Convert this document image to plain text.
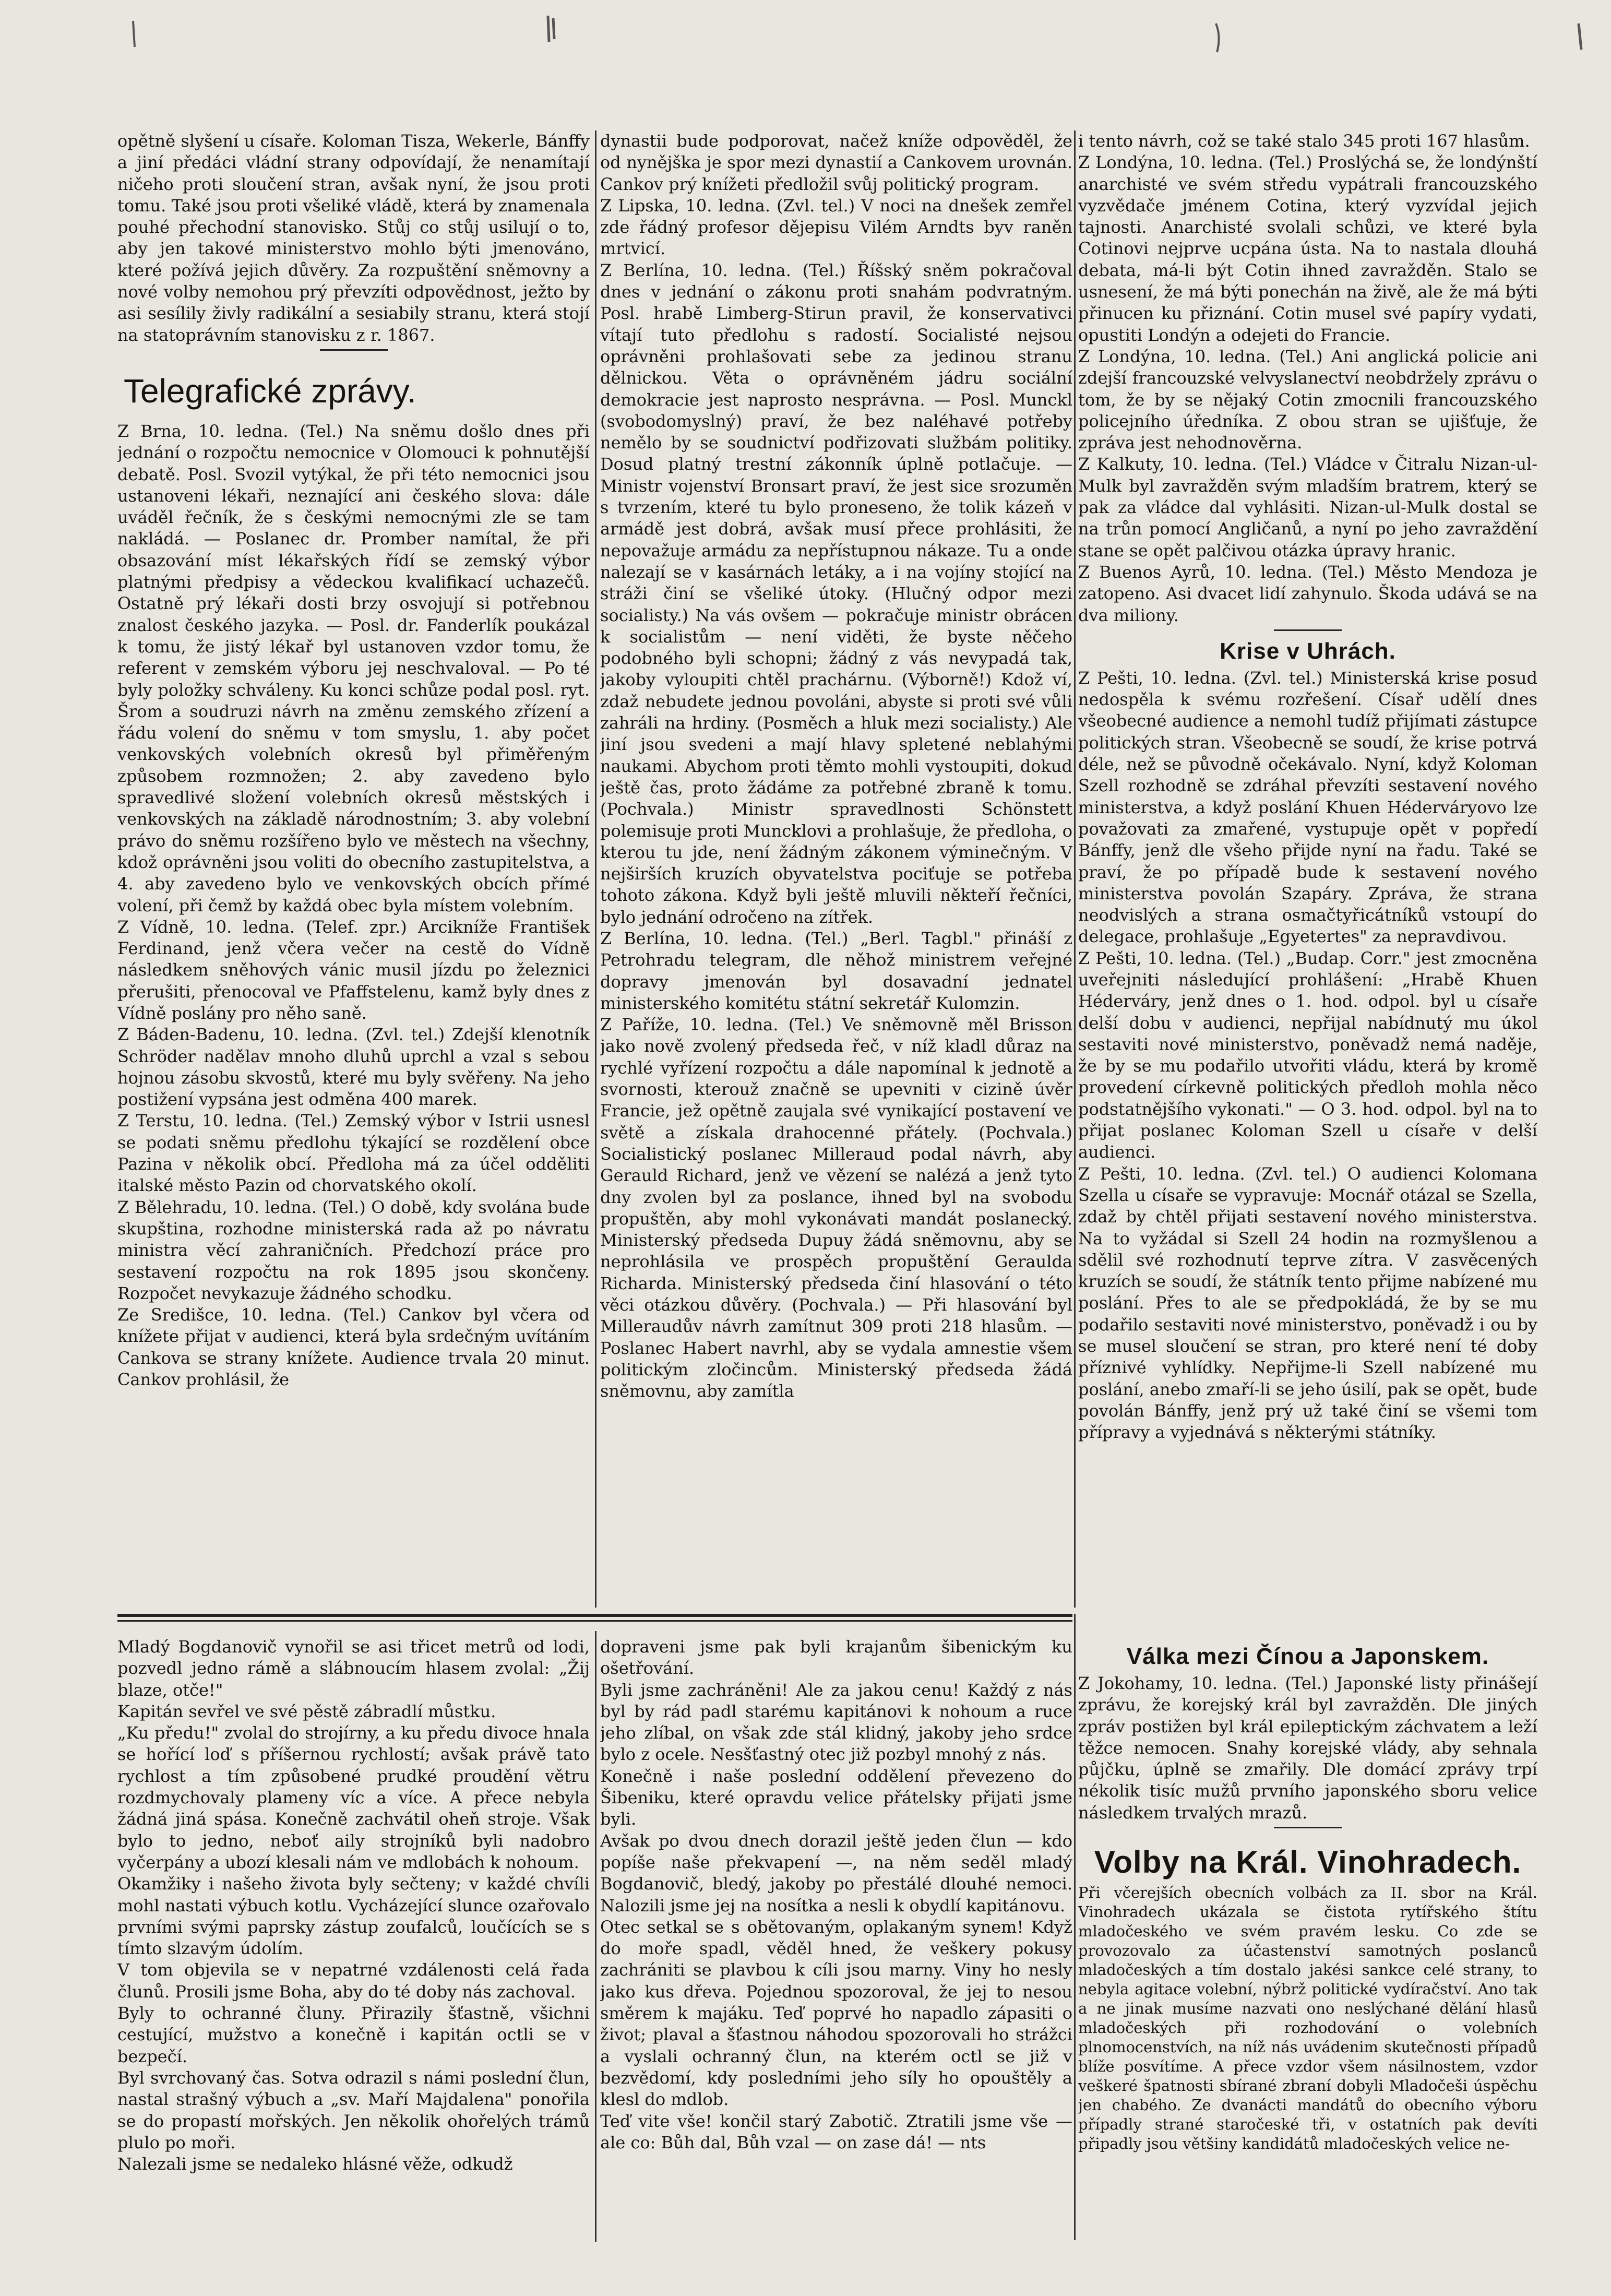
opětně slyšení u císaře. Koloman Tisza, Wekerle, Bánffy a jiní předáci vládní strany odpovídají, že nenamítají ničeho proti sloučení stran, avšak nyní, že jsou proti tomu. Také jsou proti všeliké vládě, která by znamenala pouhé přechodní stanovisko. Stůj co stůj usilují o to, aby jen takové ministerstvo mohlo býti jmenováno, které požívá jejich důvěry. Za rozpuštění sněmovny a nové volby nemohou prý převzíti odpovědnost, ježto by asi sesílily živly radikální a sesiabily stranu, která stojí na statoprávním stanovisku z r. 1867.

Telegrafické zprávy.

Z Brna, 10. ledna. (Tel.) Na sněmu došlo dnes při jednání o rozpočtu nemocnice v Olomouci k pohnutější debatě. Posl. Svozil vytýkal, že při této nemocnici jsou ustanoveni lékaři, neznající ani českého slova: dále uváděl řečník, že s českými nemocnými zle se tam nakládá. — Poslanec dr. Promber namítal, že při obsazování míst lékařských řídí se zemský výbor platnými předpisy a vědeckou kvalifikací uchazečů. Ostatně prý lékaři dosti brzy osvojují si potřebnou znalost českého jazyka. — Posl. dr. Fanderlík poukázal k tomu, že jistý lékař byl ustanoven vzdor tomu, že referent v zemském výboru jej neschvaloval. — Po té byly položky schváleny. Ku konci schůze podal posl. ryt. Šrom a soudruzi návrh na změnu zemského zřízení a řádu volení do sněmu v tom smyslu, 1. aby počet venkovských volebních okresů byl přiměřeným způsobem rozmnožen; 2. aby zavedeno bylo spravedlivé složení volebních okresů městských i venkovských na základě národnostním; 3. aby volební právo do sněmu rozšířeno bylo ve městech na všechny, kdož oprávněni jsou voliti do obecního zastupitelstva, a 4. aby zavedeno bylo ve venkovských obcích přímé volení, při čemž by každá obec byla místem volebním.

Z Vídně, 10. ledna. (Telef. zpr.) Arcikníže František Ferdinand, jenž včera večer na cestě do Vídně následkem sněhových vánic musil jízdu po železnici přerušiti, přenocoval ve Pfaffstelenu, kamž byly dnes z Vídně poslány pro něho saně.

Z Báden-Badenu, 10. ledna. (Zvl. tel.) Zdejší klenotník Schröder nadělav mnoho dluhů uprchl a vzal s sebou hojnou zásobu skvostů, které mu byly svěřeny. Na jeho postižení vypsána jest odměna 400 marek.

Z Terstu, 10. ledna. (Tel.) Zemský výbor v Istrii usnesl se podati sněmu předlohu týkající se rozdělení obce Pazina v několik obcí. Předloha má za účel odděliti italské město Pazin od chorvatského okolí.

Z Bělehradu, 10. ledna. (Tel.) O době, kdy svolána bude skupština, rozhodne ministerská rada až po návratu ministra věcí zahraničních. Předchozí práce pro sestavení rozpočtu na rok 1895 jsou skončeny. Rozpočet nevykazuje žádného schodku.

Ze Središce, 10. ledna. (Tel.) Cankov byl včera od knížete přijat v audienci, která byla srdečným uvítáním Cankova se strany knížete. Audience trvala 20 minut. Cankov prohlásil, že

dynastii bude podporovat, načež kníže odpověděl, že od nynějška je spor mezi dynastií a Cankovem urovnán. Cankov prý knížeti předložil svůj politický program.

Z Lipska, 10. ledna. (Zvl. tel.) V noci na dnešek zemřel zde řádný profesor dějepisu Vilém Arndts byv raněn mrtvicí.

Z Berlína, 10. ledna. (Tel.) Říšský sněm pokračoval dnes v jednání o zákonu proti snahám podvratným. Posl. hrabě Limberg-Stirun pravil, že konservativci vítají tuto předlohu s radostí. Socialisté nejsou oprávněni prohlašovati sebe za jedinou stranu dělnickou. Věta o oprávněném jádru sociální demokracie jest naprosto nesprávna. — Posl. Munckl (svobodomyslný) praví, že bez naléhavé potřeby nemělo by se soudnictví podřizovati službám politiky. Dosud platný trestní zákonník úplně potlačuje. — Ministr vojenství Bronsart praví, že jest sice srozuměn s tvrzením, které tu bylo proneseno, že tolik kázeň v armádě jest dobrá, avšak musí přece prohlásiti, že nepovažuje armádu za nepřístupnou nákaze. Tu a onde nalezají se v kasárnách letáky, a i na vojíny stojící na stráži činí se všeliké útoky. (Hlučný odpor mezi socialisty.) Na vás ovšem — pokračuje ministr obrácen k socialistům — není viděti, že byste něčeho podobného byli schopni; žádný z vás nevypadá tak, jakoby vyloupiti chtěl prachárnu. (Výborně!) Kdož ví, zdaž nebudete jednou povoláni, abyste si proti své vůli zahráli na hrdiny. (Posměch a hluk mezi socialisty.) Ale jiní jsou svedeni a mají hlavy spletené neblahými naukami. Abychom proti těmto mohli vystoupiti, dokud ještě čas, proto žádáme za potřebné zbraně k tomu. (Pochvala.) Ministr spravedlnosti Schönstett polemisuje proti Muncklovi a prohlašuje, že předloha, o kterou tu jde, není žádným zákonem výminečným. V nejširších kruzích obyvatelstva pociťuje se potřeba tohoto zákona. Když byli ještě mluvili někteří řečníci, bylo jednání odročeno na zítřek.

Z Berlína, 10. ledna. (Tel.) „Berl. Tagbl." přináší z Petrohradu telegram, dle něhož ministrem veřejné dopravy jmenován byl dosavadní jednatel ministerského komitétu státní sekretář Kulomzin.

Z Paříže, 10. ledna. (Tel.) Ve sněmovně měl Brisson jako nově zvolený předseda řeč, v níž kladl důraz na rychlé vyřízení rozpočtu a dále napomínal k jednotě a svornosti, kterouž značně se upevniti v cizině úvěr Francie, jež opětně zaujala své vynikající postavení ve světě a získala drahocenné přátely. (Pochvala.) Socialistický poslanec Milleraud podal návrh, aby Gerauld Richard, jenž ve vězení se nalézá a jenž tyto dny zvolen byl za poslance, ihned byl na svobodu propuštěn, aby mohl vykonávati mandát poslanecký. Ministerský předseda Dupuy žádá sněmovnu, aby se neprohlásila ve prospěch propuštění Geraulda Richarda. Ministerský předseda činí hlasování o této věci otázkou důvěry. (Pochvala.) — Při hlasování byl Milleraudův návrh zamítnut 309 proti 218 hlasům. — Poslanec Habert navrhl, aby se vydala amnestie všem politickým zločincům. Ministerský předseda žádá sněmovnu, aby zamítla

i tento návrh, což se také stalo 345 proti 167 hlasům.

Z Londýna, 10. ledna. (Tel.) Proslýchá se, že londýnští anarchisté ve svém středu vypátrali francouzského vyzvědače jménem Cotina, který vyzvídal jejich tajnosti. Anarchisté svolali schůzi, ve které byla Cotinovi nejprve ucpána ústa. Na to nastala dlouhá debata, má-li být Cotin ihned zavražděn. Stalo se usnesení, že má býti ponechán na živě, ale že má býti přinucen ku přiznání. Cotin musel své papíry vydati, opustiti Londýn a odejeti do Francie.

Z Londýna, 10. ledna. (Tel.) Ani anglická policie ani zdejší francouzské velvyslanectví neobdržely zprávu o tom, že by se nějaký Cotin zmocnili francouzského policejního úředníka. Z obou stran se ujišťuje, že zpráva jest nehodnověrna.

Z Kalkuty, 10. ledna. (Tel.) Vládce v Čitralu Nizan-ul-Mulk byl zavražděn svým mladším bratrem, který se pak za vládce dal vyhlásiti. Nizan-ul-Mulk dostal se na trůn pomocí Angličanů, a nyní po jeho zavraždění stane se opět palčivou otázka úpravy hranic.

Z Buenos Ayrů, 10. ledna. (Tel.) Město Mendoza je zatopeno. Asi dvacet lidí zahynulo. Škoda udává se na dva miliony.

Krise v Uhrách.

Z Pešti, 10. ledna. (Zvl. tel.) Ministerská krise posud nedospěla k svému rozřešení. Císař udělí dnes všeobecné audience a nemohl tudíž přijímati zástupce politických stran. Všeobecně se soudí, že krise potrvá déle, než se původně očekávalo. Nyní, když Koloman Szell rozhodně se zdráhal převzíti sestavení nového ministerstva, a když poslání Khuen Héderváryovo lze považovati za zmařené, vystupuje opět v popředí Bánffy, jenž dle všeho přijde nyní na řadu. Také se praví, že po případě bude k sestavení nového ministerstva povolán Szapáry. Zpráva, že strana neodvislých a strana osmačtyřicátníků vstoupí do delegace, prohlašuje „Egyetertes" za nepravdivou.

Z Pešti, 10. ledna. (Tel.) „Budap. Corr." jest zmocněna uveřejniti následující prohlášení: „Hrabě Khuen Héderváry, jenž dnes o 1. hod. odpol. byl u císaře delší dobu v audienci, nepřijal nabídnutý mu úkol sestaviti nové ministerstvo, poněvadž nemá naděje, že by se mu podařilo utvořiti vládu, která by kromě provedení církevně politických předloh mohla něco podstatnějšího vykonati." — O 3. hod. odpol. byl na to přijat poslanec Koloman Szell u císaře v delší audienci.

Z Pešti, 10. ledna. (Zvl. tel.) O audienci Kolomana Szella u císaře se vypravuje: Mocnář otázal se Szella, zdaž by chtěl přijati sestavení nového ministerstva. Na to vyžádal si Szell 24 hodin na rozmyšlenou a sdělil své rozhodnutí teprve zítra. V zasvěcených kruzích se soudí, že státník tento přijme nabízené mu poslání. Přes to ale se předpokládá, že by se mu podařilo sestaviti nové ministerstvo, poněvadž i ou by se musel sloučení se stran, pro které není té doby příznivé vyhlídky. Nepřijme-li Szell nabízené mu poslání, anebo zmaří-li se jeho úsilí, pak se opět, bude povolán Bánffy, jenž prý už také činí se všemi tom přípravy a vyjednává s některými státníky.

Mladý Bogdanovič vynořil se asi třicet metrů od lodi, pozvedl jedno rámě a slábnoucím hlasem zvolal: „Žij blaze, otče!"

Kapitán sevřel ve své pěstě zábradlí můstku.

„Ku předu!" zvolal do strojírny, a ku předu divoce hnala se hořící loď s příšernou rychlostí; avšak právě tato rychlost a tím způsobené prudké proudění větru rozdmychovaly plameny víc a více. A přece nebyla žádná jiná spása. Konečně zachvátil oheň stroje. Však bylo to jedno, neboť aily strojníků byli nadobro vyčerpány a ubozí klesali nám ve mdlobách k nohoum.

Okamžiky i našeho života byly sečteny; v každé chvíli mohl nastati výbuch kotlu. Vycházející slunce ozařovalo prvními svými paprsky zástup zoufalců, loučících se s tímto slzavým údolím.

V tom objevila se v nepatrné vzdálenosti celá řada člunů. Prosili jsme Boha, aby do té doby nás zachoval.

Byly to ochranné čluny. Přirazily šťastně, všichni cestující, mužstvo a konečně i kapitán octli se v bezpečí.

Byl svrchovaný čas. Sotva odrazil s námi poslední člun, nastal strašný výbuch a „sv. Maří Majdalena" ponořila se do propastí mořských. Jen několik ohořelých trámů plulo po moři.

Nalezali jsme se nedaleko hlásné věže, odkudž

dopraveni jsme pak byli krajanům šibenickým ku ošetřování.

Byli jsme zachráněni! Ale za jakou cenu! Každý z nás byl by rád padl starému kapitánovi k nohoum a ruce jeho zlíbal, on však zde stál klidný, jakoby jeho srdce bylo z ocele. Nesšťastný otec již pozbyl mnohý z nás.

Konečně i naše poslední oddělení převezeno do Šibeniku, které opravdu velice přátelsky přijati jsme byli.

Avšak po dvou dnech dorazil ještě jeden člun — kdo popíše naše překvapení —, na něm seděl mladý Bogdanovič, bledý, jakoby po přestálé dlouhé nemoci. Nalozili jsme jej na nosítka a nesli k obydlí kapitánovu.

Otec setkal se s obětovaným, oplakaným synem! Když do moře spadl, věděl hned, že veškery pokusy zachrániti se plavbou k cíli jsou marny. Viny ho nesly jako kus dřeva. Pojednou spozoroval, že jej to nesou směrem k majáku. Teď poprvé ho napadlo zápasiti o život; plaval a šťastnou náhodou spozorovali ho strážci a vyslali ochranný člun, na kterém octl se již v bezvědomí, kdy posledními jeho síly ho opouštěly a klesl do mdlob.

Teď vite vše! končil starý Zabotič. Ztratili jsme vše — ale co: Bůh dal, Bůh vzal — on zase dá! — nts

Válka mezi Čínou a Japonskem.

Z Jokohamy, 10. ledna. (Tel.) Japonské listy přinášejí zprávu, že korejský král byl zavražděn. Dle jiných zpráv postižen byl král epileptickým záchvatem a leží těžce nemocen. Snahy korejské vlády, aby sehnala půjčku, úplně se zmařily. Dle domácí zprávy trpí nékolik tisíc mužů prvního japonského sboru velice následkem trvalých mrazů.

Volby na Král. Vinohradech.

Při včerejších obecních volbách za II. sbor na Král. Vinohradech ukázala se čistota rytířského štítu mladočeského ve svém pravém lesku. Co zde se provozovalo za účastenství samotných poslanců mladočeských a tím dostalo jakési sankce celé strany, to nebyla agitace volební, nýbrž politické vydíračství. Ano tak a ne jinak musíme nazvati ono neslýchané dělání hlasů mladočeských při rozhodování o volebních plnomocenstvích, na níž nás uvádenim skutečnosti případů blíže posvítíme. A přece vzdor všem násilnostem, vzdor veškeré špatnosti sbírané zbraní dobyli Mladočeši úspěchu jen chabého. Ze dvanácti mandátů do obecního výboru případly strané staročeské tři, v ostatních pak devíti připadly jsou většiny kandidátů mladočeských velice ne-
